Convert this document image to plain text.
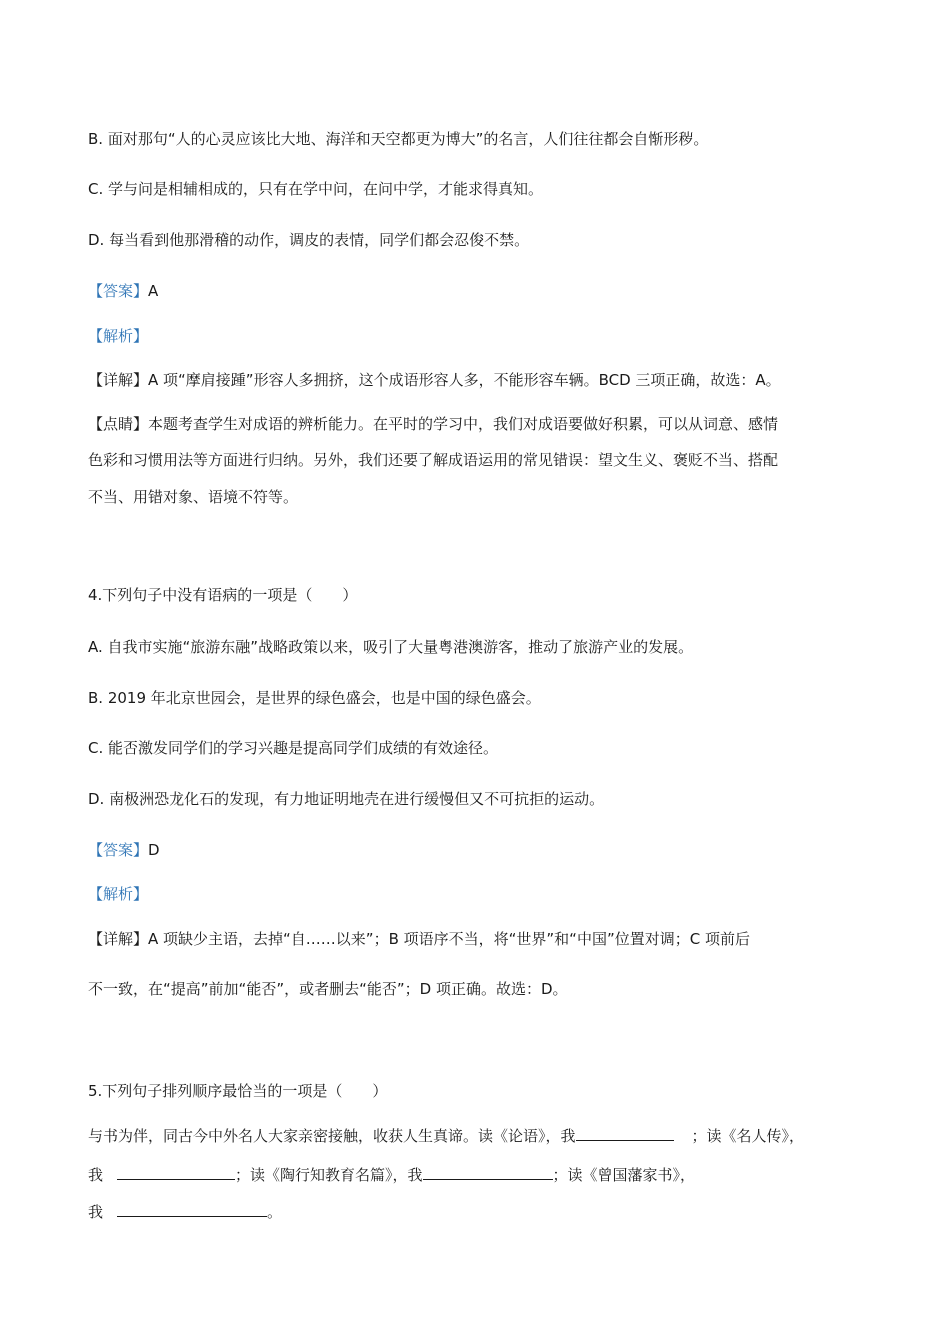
B. 面对那句“人的心灵应该比大地、海洋和天空都更为博大”的名言，人们往往都会自惭形秽。
C. 学与问是相辅相成的，只有在学中问，在问中学，才能求得真知。
D. 每当看到他那滑稽的动作，调皮的表情，同学们都会忍俊不禁。
【答案】A
【解析】
【详解】A 项“摩肩接踵”形容人多拥挤，这个成语形容人多，不能形容车辆。BCD 三项正确，故选：A。
【点睛】本题考查学生对成语的辨析能力。在平时的学习中，我们对成语要做好积累，可以从词意、感情
色彩和习惯用法等方面进行归纳。另外，我们还要了解成语运用的常见错误：望文生义、褒贬不当、搭配
不当、用错对象、语境不符等。
4.下列句子中没有语病的一项是（　　）
A. 自我市实施“旅游东融”战略政策以来，吸引了大量粤港澳游客，推动了旅游产业的发展。
B. 2019 年北京世园会，是世界的绿色盛会，也是中国的绿色盛会。
C. 能否激发同学们的学习兴趣是提高同学们成绩的有效途径。
D. 南极洲恐龙化石的发现，有力地证明地壳在进行缓慢但又不可抗拒的运动。
【答案】D
【解析】
【详解】A 项缺少主语，去掉“自……以来”；B 项语序不当，将“世界”和“中国”位置对调；C 项前后
不一致，在“提高”前加“能否”，或者删去“能否”；D 项正确。故选：D。
5.下列句子排列顺序最恰当的一项是（　　）
与书为伴，同古今中外名人大家亲密接触，收获人生真谛。读《论语》，我	；读《名人传》，
我	；读《陶行知教育名篇》，我	；读《曾国藩家书》，
我	。
